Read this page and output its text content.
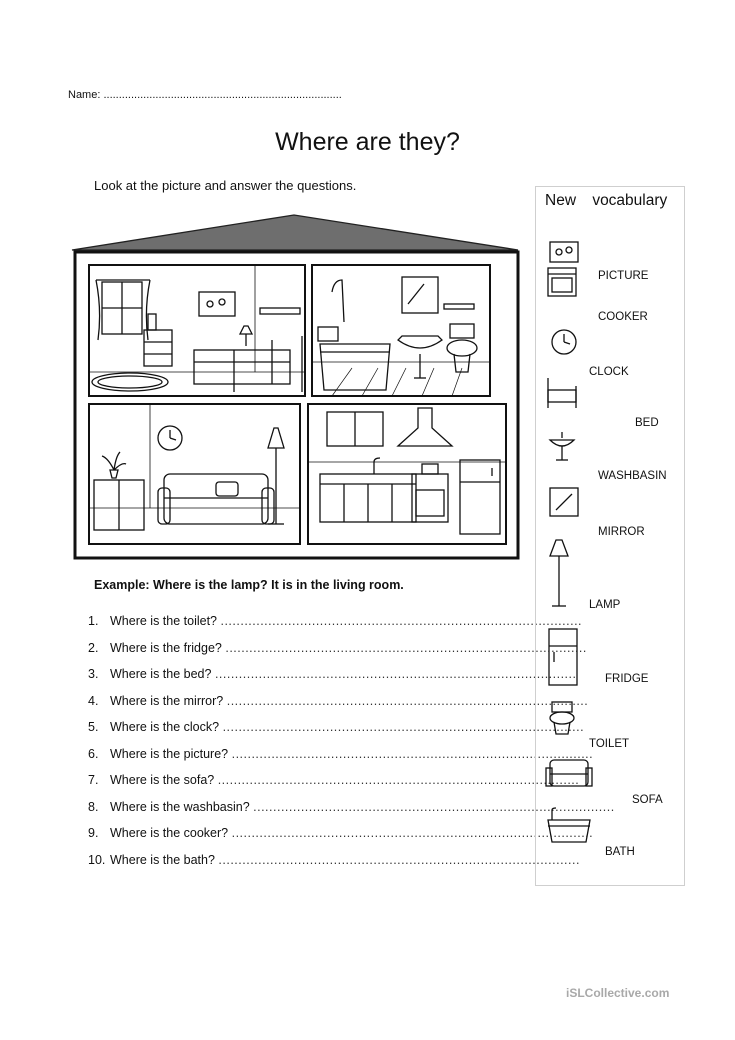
Name: ..............................................................................
Where are they?
Look at the picture and answer the questions.
Example: Where is the lamp? It is in the living room.
1. Where is the toilet? ...........................................................................................
2. Where is the fridge? ...........................................................................................
3. Where is the bed? ...........................................................................................
4. Where is the mirror? ...........................................................................................
5. Where is the clock? ...........................................................................................
6. Where is the picture? ...........................................................................................
7. Where is the sofa? ...........................................................................................
8. Where is the washbasin? ...........................................................................................
9. Where is the cooker? ...........................................................................................
10. Where is the bath? ...........................................................................................
New vocabulary
PICTURE
COOKER
CLOCK
BED
WASHBASIN
MIRROR
LAMP
FRIDGE
TOILET
SOFA
BATH
iSLCollective.com
